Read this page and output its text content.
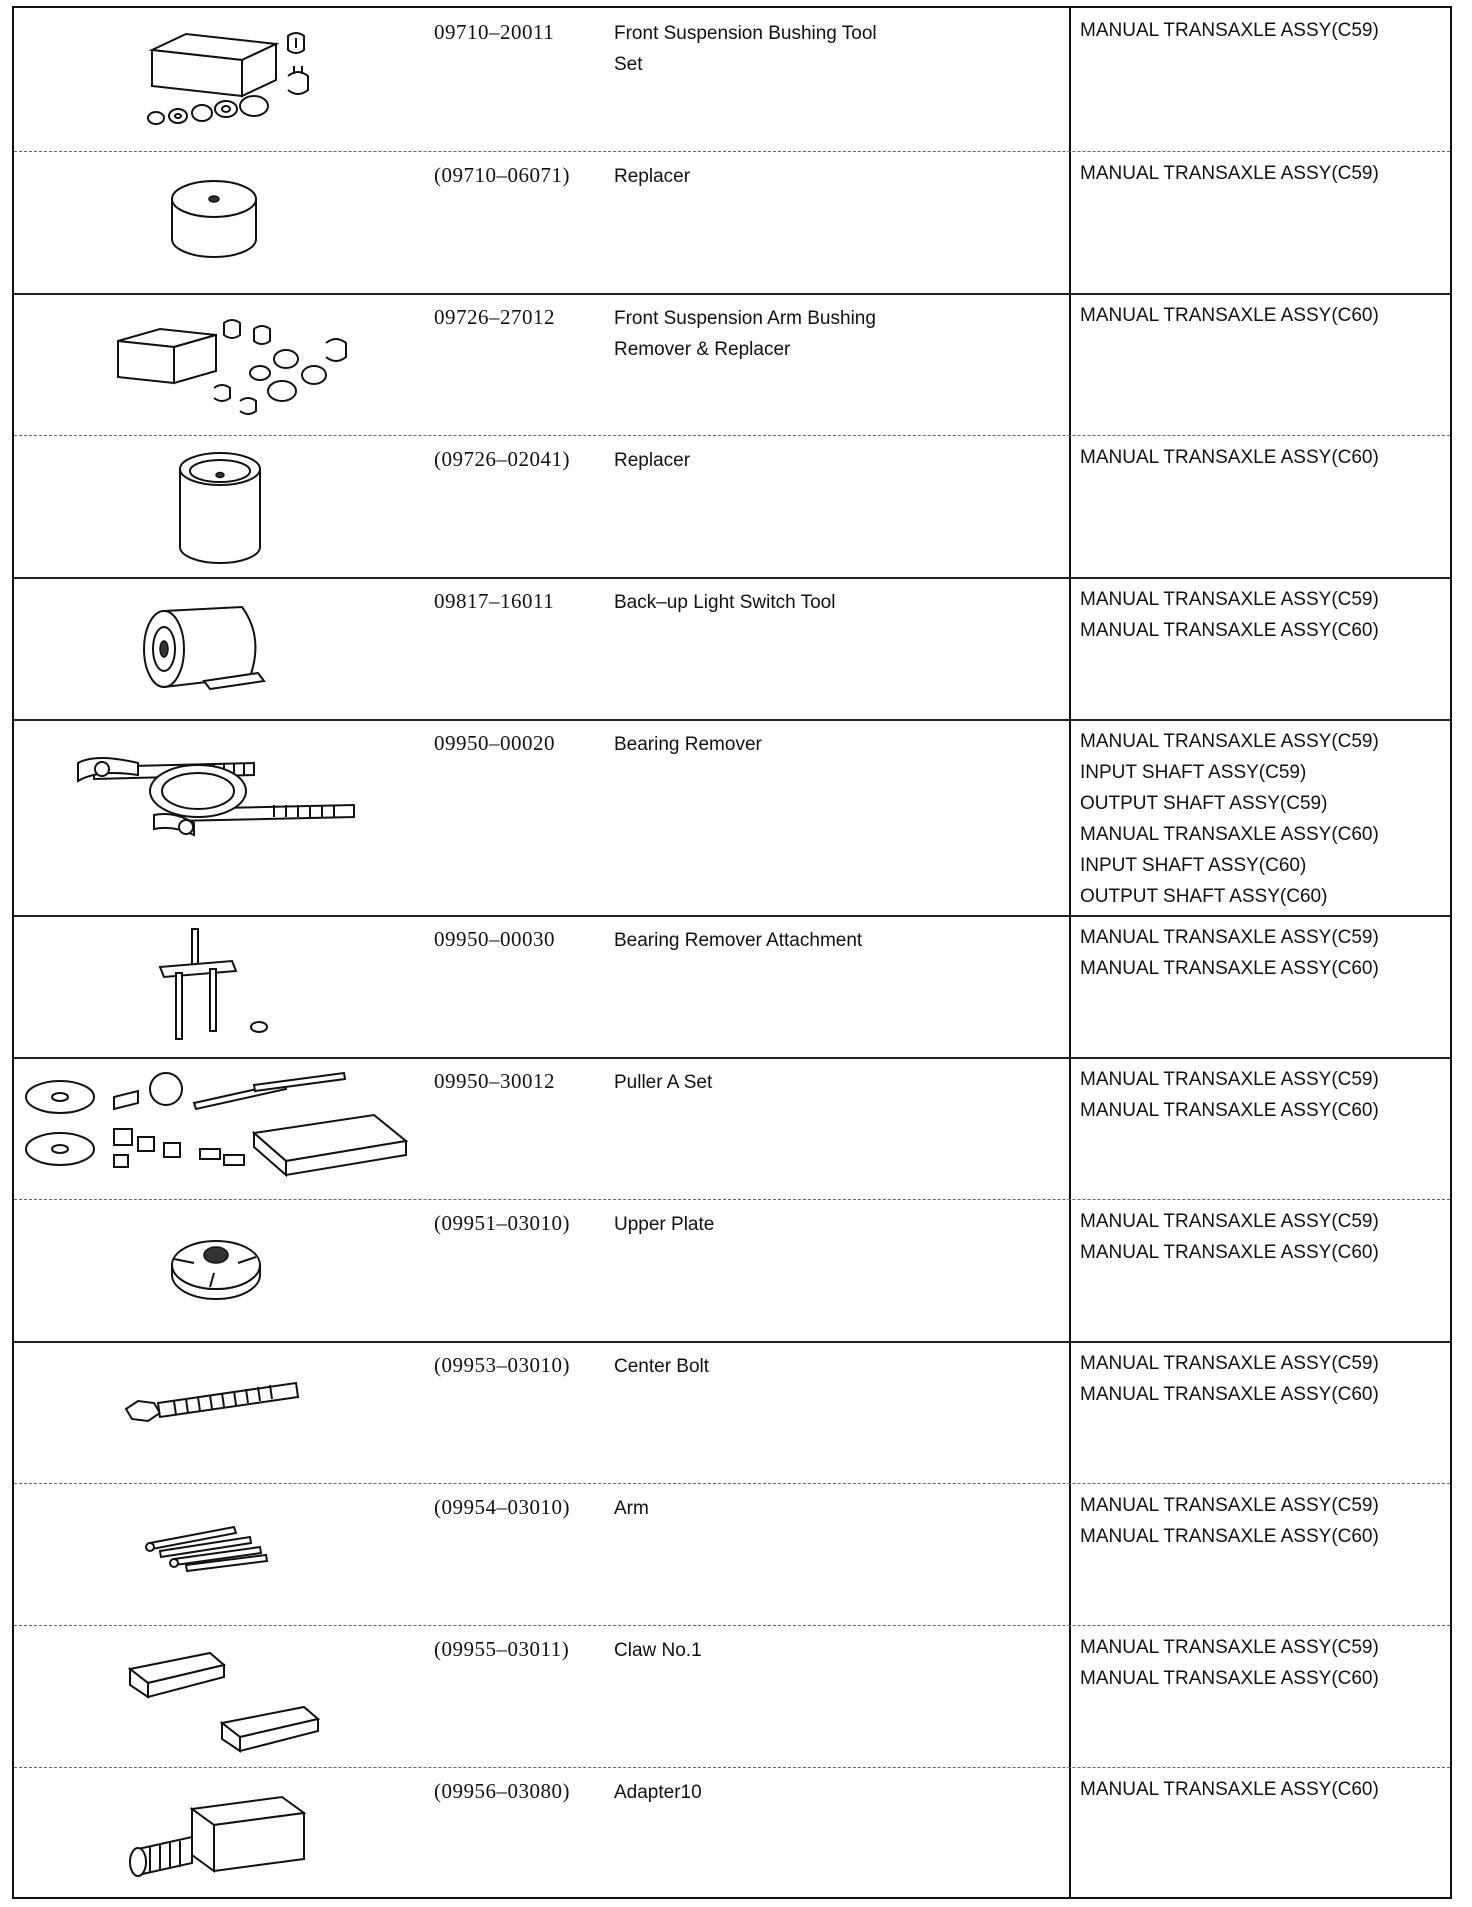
09710–20011	Front Suspension Bushing Tool
Set
MANUAL TRANSAXLE ASSY(C59)
(09710–06071)	Replacer	MANUAL TRANSAXLE ASSY(C59)
09726–27012	Front Suspension Arm Bushing
Remover & Replacer
MANUAL TRANSAXLE ASSY(C60)
(09726–02041)	Replacer	MANUAL TRANSAXLE ASSY(C60)
09817–16011	Back–up Light Switch Tool	MANUAL TRANSAXLE ASSY(C59)
MANUAL TRANSAXLE ASSY(C60)
09950–00020	Bearing Remover	MANUAL TRANSAXLE ASSY(C59)
INPUT SHAFT ASSY(C59)
OUTPUT SHAFT ASSY(C59)
MANUAL TRANSAXLE ASSY(C60)
INPUT SHAFT ASSY(C60)
OUTPUT SHAFT ASSY(C60)
09950–00030	Bearing Remover Attachment	MANUAL TRANSAXLE ASSY(C59)
MANUAL TRANSAXLE ASSY(C60)
09950–30012	Puller A Set	MANUAL TRANSAXLE ASSY(C59)
MANUAL TRANSAXLE ASSY(C60)
(09951–03010)	Upper Plate	MANUAL TRANSAXLE ASSY(C59)
MANUAL TRANSAXLE ASSY(C60)
(09953–03010)	Center Bolt	MANUAL TRANSAXLE ASSY(C59)
MANUAL TRANSAXLE ASSY(C60)
(09954–03010)	Arm	MANUAL TRANSAXLE ASSY(C59)
MANUAL TRANSAXLE ASSY(C60)
(09955–03011)	Claw No.1	MANUAL TRANSAXLE ASSY(C59)
MANUAL TRANSAXLE ASSY(C60)
(09956–03080)	Adapter10	MANUAL TRANSAXLE ASSY(C60)
